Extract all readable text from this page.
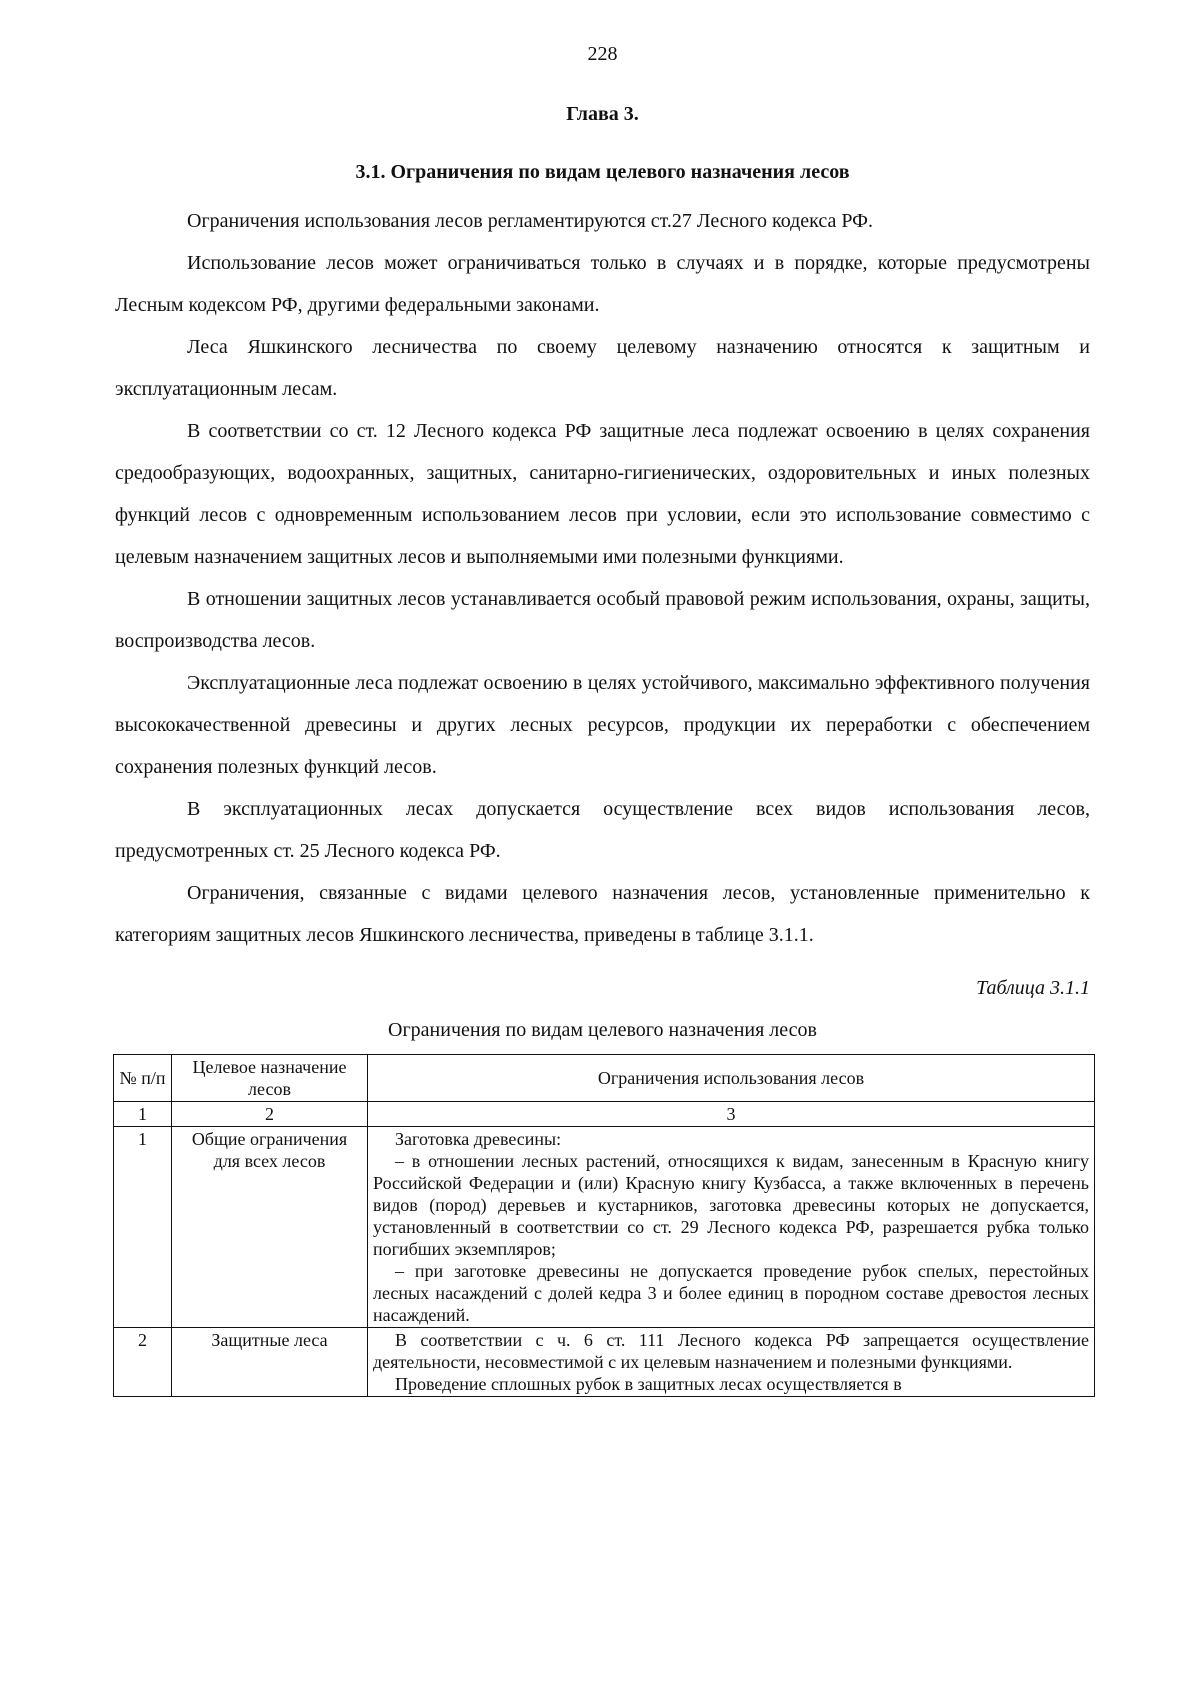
228

Глава 3.

3.1. Ограничения по видам целевого назначения лесов

Ограничения использования лесов регламентируются ст.27 Лесного кодекса РФ.

Использование лесов может ограничиваться только в случаях и в порядке, которые предусмотрены Лесным кодексом РФ, другими федеральными законами.

Леса Яшкинского лесничества по своему целевому назначению относятся к защитным и эксплуатационным лесам.

В соответствии со ст. 12 Лесного кодекса РФ защитные леса подлежат освоению в целях сохранения средообразующих, водоохранных, защитных, санитарно-гигиенических, оздоровительных и иных полезных функций лесов с одновременным использованием лесов при условии, если это использование совместимо с целевым назначением защитных лесов и выполняемыми ими полезными функциями.

В отношении защитных лесов устанавливается особый правовой режим использования, охраны, защиты, воспроизводства лесов.

Эксплуатационные леса подлежат освоению в целях устойчивого, максимально эффективного получения высококачественной древесины и других лесных ресурсов, продукции их переработки с обеспечением сохранения полезных функций лесов.

В эксплуатационных лесах допускается осуществление всех видов использования лесов, предусмотренных ст. 25 Лесного кодекса РФ.

Ограничения, связанные с видами целевого назначения лесов, установленные применительно к категориям защитных лесов Яшкинского лесничества, приведены в таблице 3.1.1.

Таблица 3.1.1

Ограничения по видам целевого назначения лесов

№ п/п	Целевое назначение лесов	Ограничения использования лесов
1	2	3
1	Общие ограничения для всех лесов	Заготовка древесины:
– в отношении лесных растений, относящихся к видам, занесенным в Красную книгу Российской Федерации и (или) Красную книгу Кузбасса, а также включенных в перечень видов (пород) деревьев и кустарников, заготовка древесины которых не допускается, установленный в соответствии со ст. 29 Лесного кодекса РФ, разрешается рубка только погибших экземпляров;
– при заготовке древесины не допускается проведение рубок спелых, перестойных лесных насаждений с долей кедра 3 и более единиц в породном составе древостоя лесных насаждений.

2	Защитные леса	В соответствии с ч. 6 ст. 111 Лесного кодекса РФ запрещается осуществление деятельности, несовместимой с их целевым назначением и полезными функциями.
Проведение сплошных рубок в защитных лесах осуществляется в
